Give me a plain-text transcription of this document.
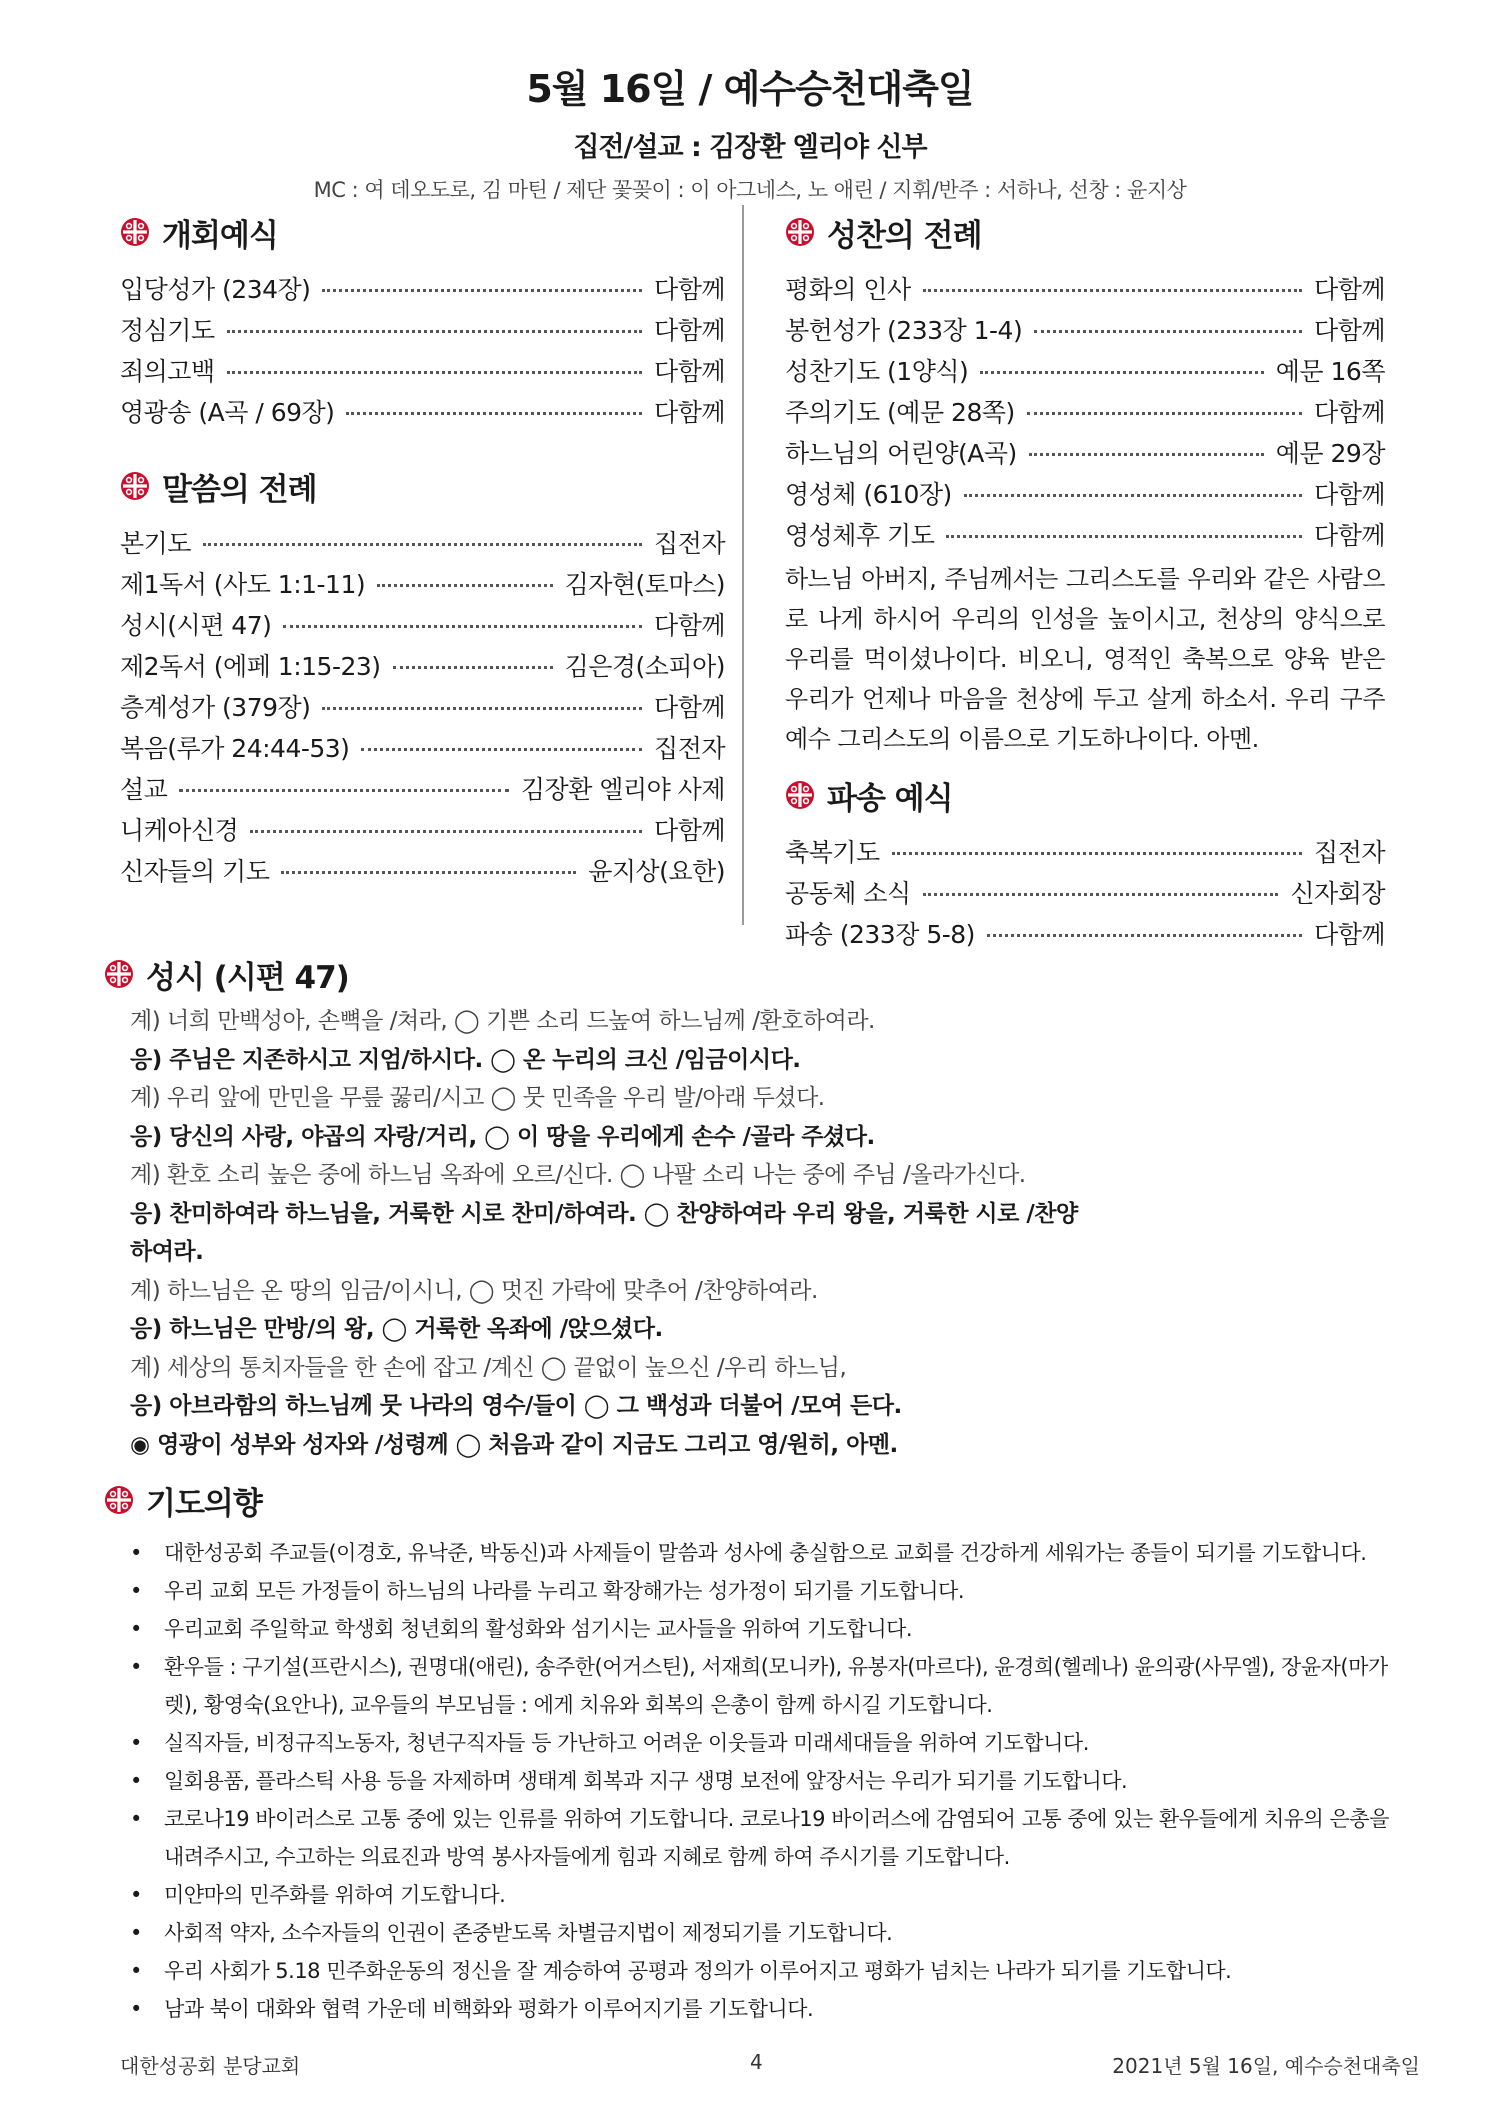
5월 16일 / 예수승천대축일
집전/설교 : 김장환 엘리야 신부
MC : 여 데오도로, 김 마틴 / 제단 꽃꽂이 : 이 아그네스, 노 애린 / 지휘/반주 : 서하나, 선창 : 윤지상
개회예식
입당성가 (234장)	다함께
정심기도	다함께
죄의고백	다함께
영광송 (A곡 / 69장)	다함께
말씀의 전례
본기도	집전자
제1독서 (사도 1:1-11)	김자현(토마스)
성시(시편 47)	다함께
제2독서 (에페 1:15-23)	김은경(소피아)
층계성가 (379장)	다함께
복음(루가 24:44-53)	집전자
설교	김장환 엘리야 사제
니케아신경	다함께
신자들의 기도	윤지상(요한)
성찬의 전례
평화의 인사	다함께
봉헌성가 (233장 1-4)	다함께
성찬기도 (1양식)	예문 16쪽
주의기도 (예문 28쪽)	다함께
하느님의 어린양(A곡)	예문 29장
영성체 (610장)	다함께
영성체후 기도	다함께

하느님 아버지, 주님께서는 그리스도를 우리와 같은 사람으로 나게 하시어 우리의 인성을 높이시고, 천상의 양식으로 우리를 먹이셨나이다. 비오니, 영적인 축복으로 양육 받은 우리가 언제나 마음을 천상에 두고 살게 하소서. 우리 구주 예수 그리스도의 이름으로 기도하나이다. 아멘.

파송 예식
축복기도	집전자
공동체 소식	신자회장
파송 (233장 5-8)	다함께
성시 (시편 47)
계) 너희 만백성아, 손뼉을 /쳐라, ◯ 기쁜 소리 드높여 하느님께 /환호하여라.
응) 주님은 지존하시고 지엄/하시다. ◯ 온 누리의 크신 /임금이시다.
계) 우리 앞에 만민을 무릎 꿇리/시고 ◯ 뭇 민족을 우리 발/아래 두셨다.
응) 당신의 사랑, 야곱의 자랑/거리, ◯ 이 땅을 우리에게 손수 /골라 주셨다.
계) 환호 소리 높은 중에 하느님 옥좌에 오르/신다. ◯ 나팔 소리 나는 중에 주님 /올라가신다.
응) 찬미하여라 하느님을, 거룩한 시로 찬미/하여라. ◯ 찬양하여라 우리 왕을, 거룩한 시로 /찬양
하여라.
계) 하느님은 온 땅의 임금/이시니, ◯ 멋진 가락에 맞추어 /찬양하여라.
응) 하느님은 만방/의 왕, ◯ 거룩한 옥좌에 /앉으셨다.
계) 세상의 통치자들을 한 손에 잡고 /계신 ◯ 끝없이 높으신 /우리 하느님,
응) 아브라함의 하느님께 뭇 나라의 영수/들이 ◯ 그 백성과 더불어 /모여 든다.
◉ 영광이 성부와 성자와 /성령께 ◯ 처음과 같이 지금도 그리고 영/원히, 아멘.
기도의향
• 대한성공회 주교들(이경호, 유낙준, 박동신)과 사제들이 말씀과 성사에 충실함으로 교회를 건강하게 세워가는 종들이 되기를 기도합니다.
• 우리 교회 모든 가정들이 하느님의 나라를 누리고 확장해가는 성가정이 되기를 기도합니다.
• 우리교회 주일학교 학생회 청년회의 활성화와 섬기시는 교사들을 위하여 기도합니다.
• 환우들 : 구기설(프란시스), 권명대(애린), 송주한(어거스틴), 서재희(모니카), 유봉자(마르다), 윤경희(헬레나) 윤의광(사무엘), 장윤자(마가렛), 황영숙(요안나), 교우들의 부모님들 : 에게 치유와 회복의 은총이 함께 하시길 기도합니다.
• 실직자들, 비정규직노동자, 청년구직자들 등 가난하고 어려운 이웃들과 미래세대들을 위하여 기도합니다.
• 일회용품, 플라스틱 사용 등을 자제하며 생태계 회복과 지구 생명 보전에 앞장서는 우리가 되기를 기도합니다.
• 코로나19 바이러스로 고통 중에 있는 인류를 위하여 기도합니다. 코로나19 바이러스에 감염되어 고통 중에 있는 환우들에게 치유의 은총을 내려주시고, 수고하는 의료진과 방역 봉사자들에게 힘과 지혜로 함께 하여 주시기를 기도합니다.
• 미얀마의 민주화를 위하여 기도합니다.
• 사회적 약자, 소수자들의 인권이 존중받도록 차별금지법이 제정되기를 기도합니다.
• 우리 사회가 5.18 민주화운동의 정신을 잘 계승하여 공평과 정의가 이루어지고 평화가 넘치는 나라가 되기를 기도합니다.
• 남과 북이 대화와 협력 가운데 비핵화와 평화가 이루어지기를 기도합니다.
대한성공회 분당교회	4	2021년 5월 16일, 예수승천대축일
